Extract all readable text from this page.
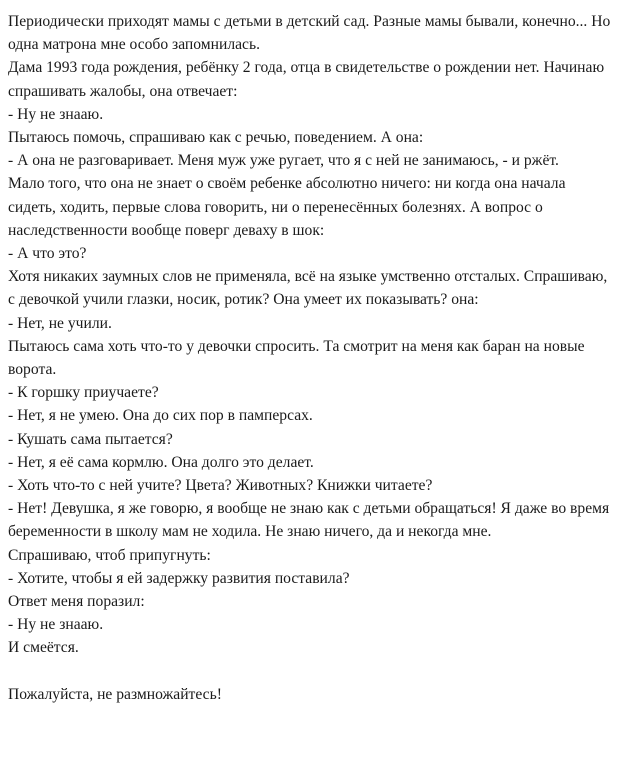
Периодически приходят мамы с детьми в детский сад. Разные мамы бывали, конечно... Но одна матрона мне особо запомнилась.
Дама 1993 года рождения, ребёнку 2 года, отца в свидетельстве о рождении нет. Начинаю спрашивать жалобы, она отвечает:
- Ну не знааю.
Пытаюсь помочь, спрашиваю как с речью, поведением. А она:
- А она не разговаривает. Меня муж уже ругает, что я с ней не занимаюсь, - и ржёт.
Мало того, что она не знает о своём ребенке абсолютно ничего: ни когда она начала сидеть, ходить, первые слова говорить, ни о перенесённых болезнях. А вопрос о наследственности вообще поверг деваху в шок:
- А что это?
Хотя никаких заумных слов не применяла, всё на языке умственно отсталых. Спрашиваю, с девочкой учили глазки, носик, ротик? Она умеет их показывать? она:
- Нет, не учили.
Пытаюсь сама хоть что-то у девочки спросить. Та смотрит на меня как баран на новые ворота.
- К горшку приучаете?
- Нет, я не умею. Она до сих пор в памперсах.
- Кушать сама пытается?
- Нет, я её сама кормлю. Она долго это делает.
- Хоть что-то с ней учите? Цвета? Животных? Книжки читаете?
- Нет! Девушка, я же говорю, я вообще не знаю как с детьми обращаться! Я даже во время беременности в школу мам не ходила. Не знаю ничего, да и некогда мне.
Спрашиваю, чтоб припугнуть:
- Хотите, чтобы я ей задержку развития поставила?
Ответ меня поразил:
- Ну не знааю.
И смеётся.
Пожалуйста, не размножайтесь!
